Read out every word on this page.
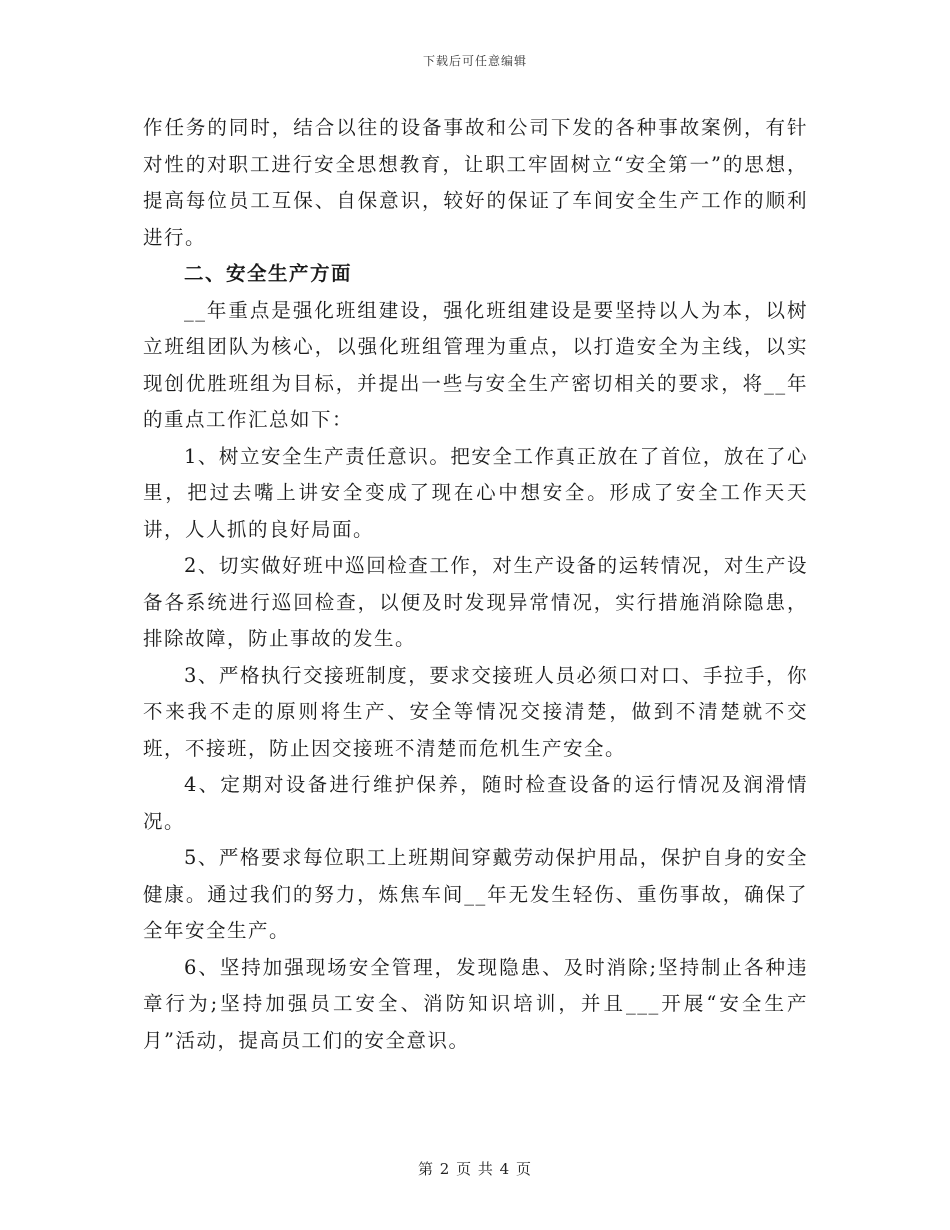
下载后可任意编辑

作任务的同时，结合以往的设备事故和公司下发的各种事故案例，有针对性的对职工进行安全思想教育，让职工牢固树立“安全第一”的思想，提高每位员工互保、自保意识，较好的保证了车间安全生产工作的顺利进行。

二、安全生产方面

__年重点是强化班组建设，强化班组建设是要坚持以人为本，以树立班组团队为核心，以强化班组管理为重点，以打造安全为主线，以实现创优胜班组为目标，并提出一些与安全生产密切相关的要求，将__年的重点工作汇总如下：

1、树立安全生产责任意识。把安全工作真正放在了首位，放在了心里，把过去嘴上讲安全变成了现在心中想安全。形成了安全工作天天讲，人人抓的良好局面。

2、切实做好班中巡回检查工作，对生产设备的运转情况，对生产设备各系统进行巡回检查，以便及时发现异常情况，实行措施消除隐患，排除故障，防止事故的发生。

3、严格执行交接班制度，要求交接班人员必须口对口、手拉手，你不来我不走的原则将生产、安全等情况交接清楚，做到不清楚就不交班，不接班，防止因交接班不清楚而危机生产安全。

4、定期对设备进行维护保养，随时检查设备的运行情况及润滑情况。

5、严格要求每位职工上班期间穿戴劳动保护用品，保护自身的安全健康。通过我们的努力，炼焦车间__年无发生轻伤、重伤事故，确保了全年安全生产。

6、坚持加强现场安全管理，发现隐患、及时消除;坚持制止各种违章行为;坚持加强员工安全、消防知识培训，并且___开展“安全生产月”活动，提高员工们的安全意识。

第 2 页 共 4 页
